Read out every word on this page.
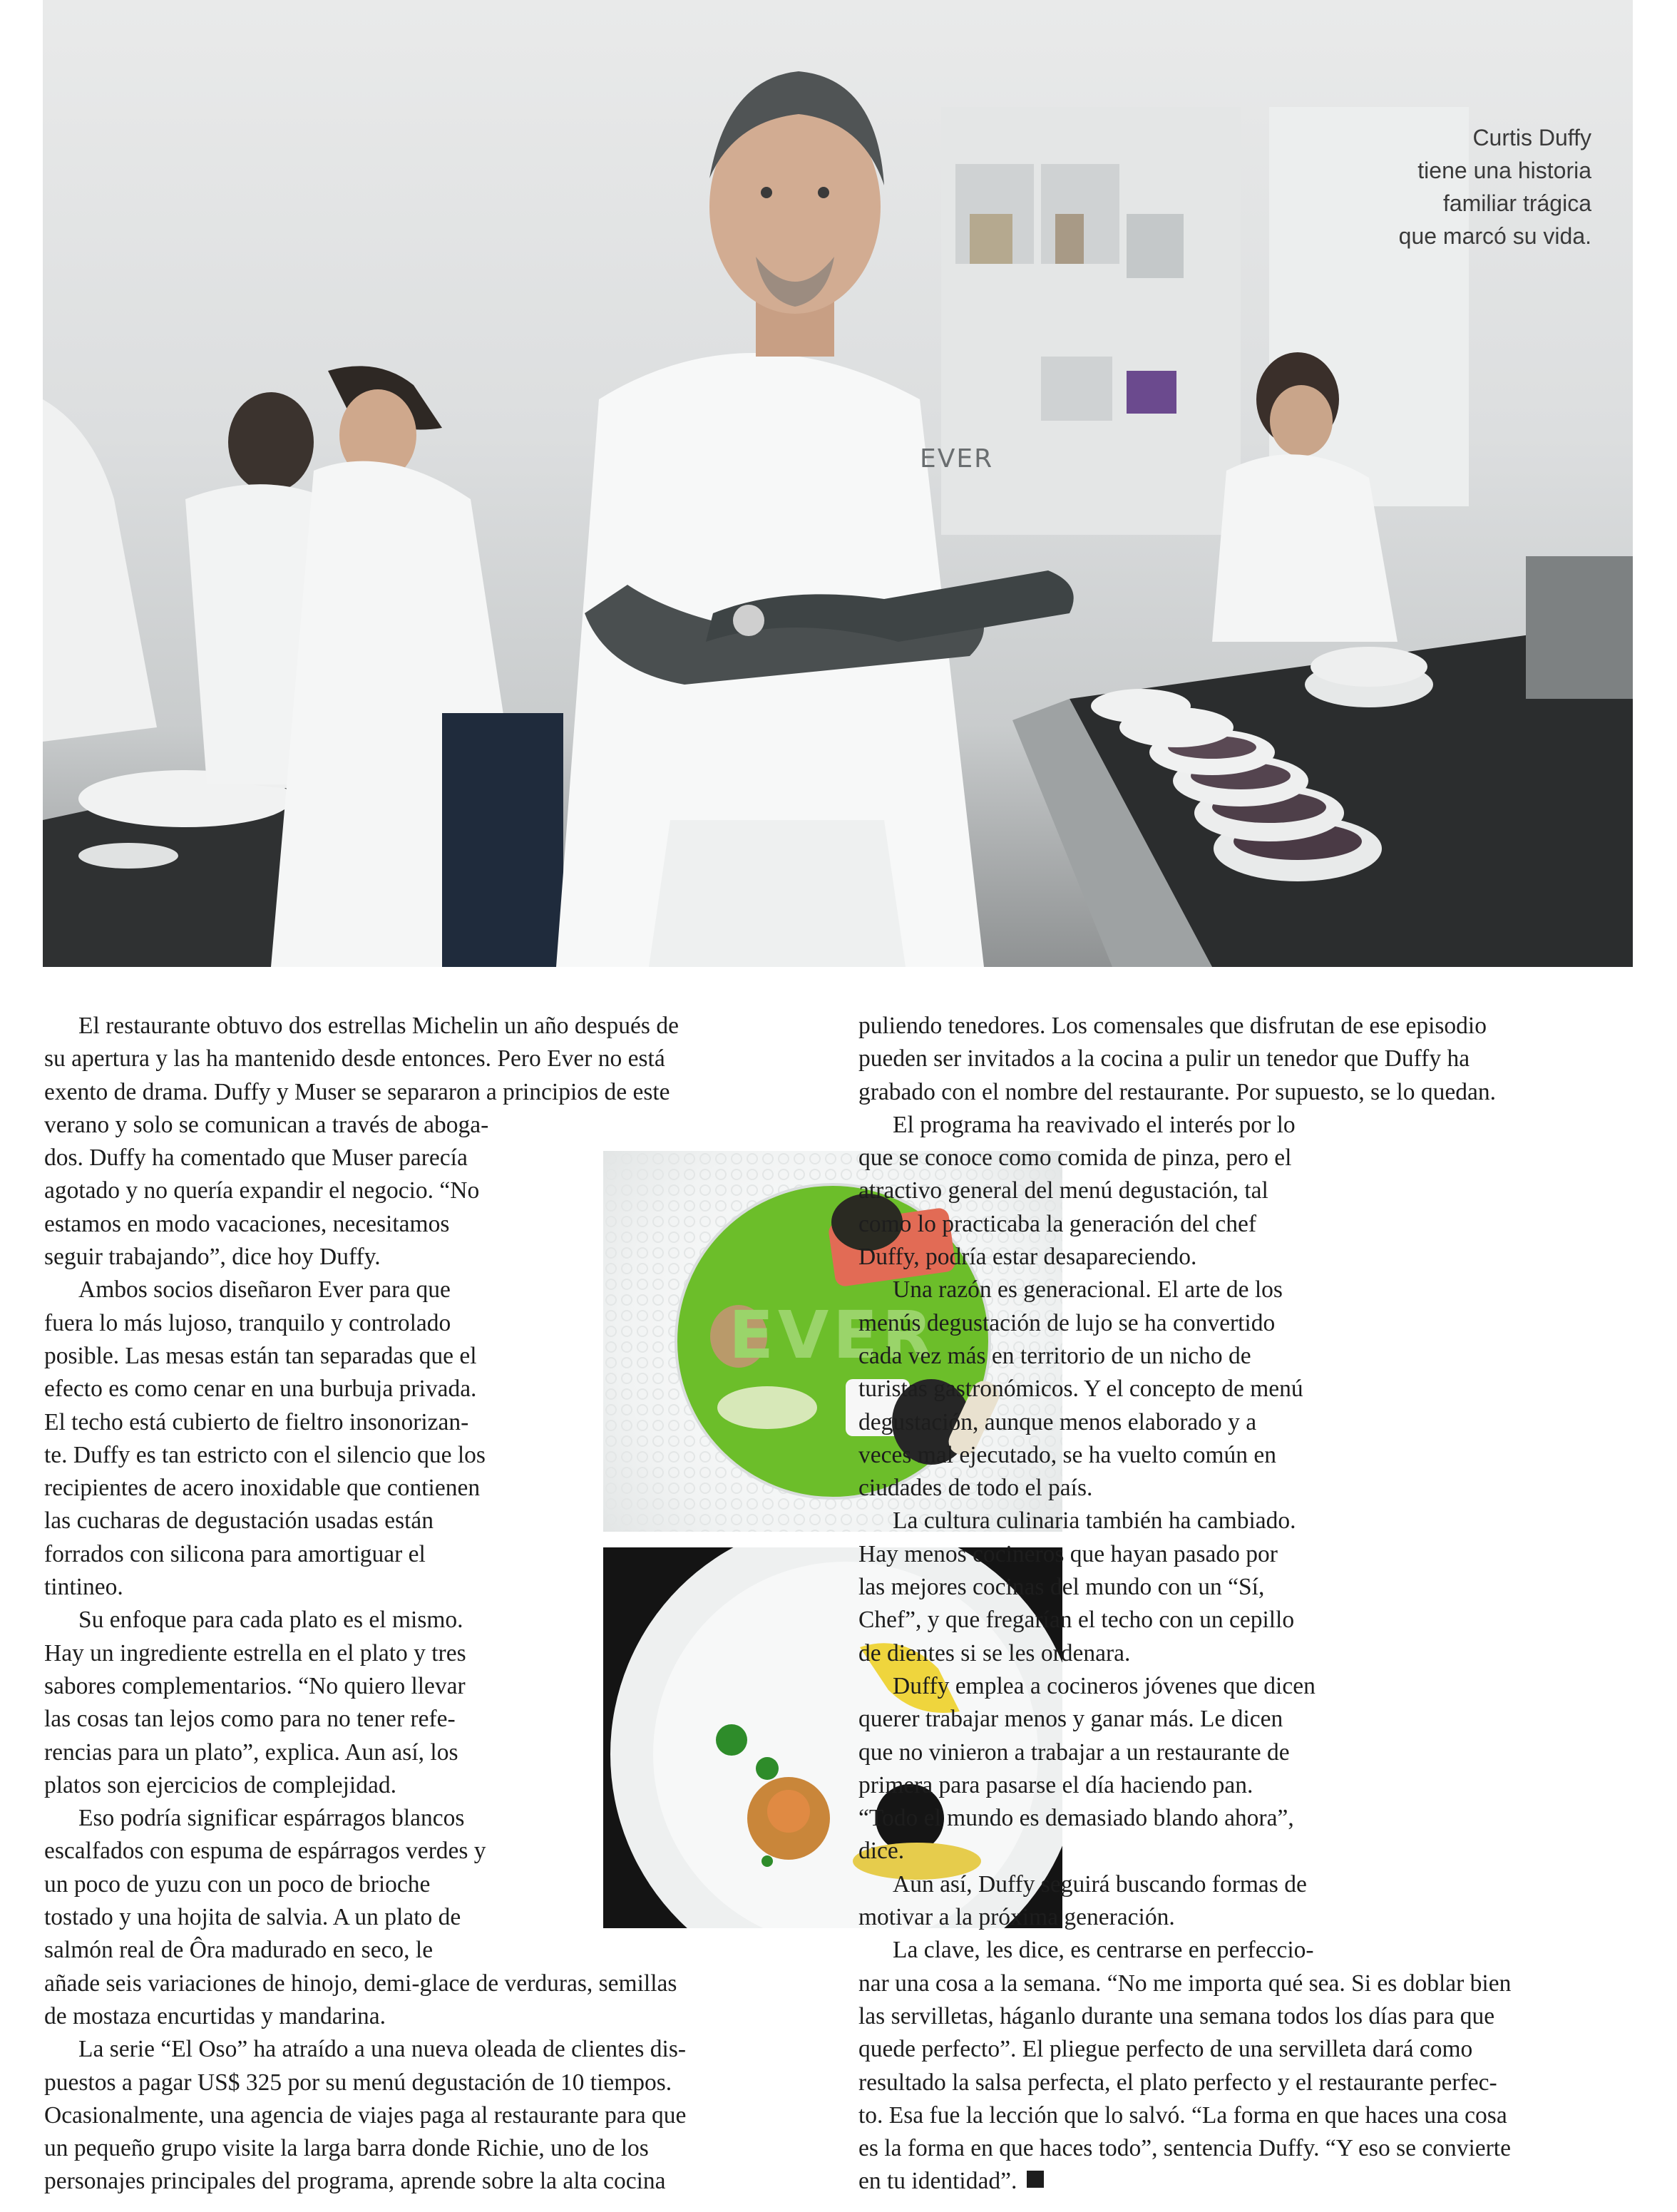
EVER
Curtis Duffy
tiene una historia
familiar trágica
que marcó su vida.
EVER

El restaurante obtuvo dos estrellas Michelin un año después de

su apertura y las ha mantenido desde entonces. Pero Ever no está

exento de drama. Duffy y Muser se separaron a principios de este

verano y solo se comunican a través de aboga-

dos. Duffy ha comentado que Muser parecía

agotado y no quería expandir el negocio. “No

estamos en modo vacaciones, necesitamos

seguir trabajando”, dice hoy Duffy.

Ambos socios diseñaron Ever para que

fuera lo más lujoso, tranquilo y controlado

posible. Las mesas están tan separadas que el

efecto es como cenar en una burbuja privada.

El techo está cubierto de fieltro insonorizan-

te. Duffy es tan estricto con el silencio que los

recipientes de acero inoxidable que contienen

las cucharas de degustación usadas están

forrados con silicona para amortiguar el

tintineo.

Su enfoque para cada plato es el mismo.

Hay un ingrediente estrella en el plato y tres

sabores complementarios. “No quiero llevar

las cosas tan lejos como para no tener refe-

rencias para un plato”, explica. Aun así, los

platos son ejercicios de complejidad.

Eso podría significar espárragos blancos

escalfados con espuma de espárragos verdes y

un poco de yuzu con un poco de brioche

tostado y una hojita de salvia. A un plato de

salmón real de Ôra madurado en seco, le

añade seis variaciones de hinojo, demi-glace de verduras, semillas

de mostaza encurtidas y mandarina.

La serie “El Oso” ha atraído a una nueva oleada de clientes dis-

puestos a pagar US$ 325 por su menú degustación de 10 tiempos.

Ocasionalmente, una agencia de viajes paga al restaurante para que

un pequeño grupo visite la larga barra donde Richie, uno de los

personajes principales del programa, aprende sobre la alta cocina

puliendo tenedores. Los comensales que disfrutan de ese episodio

pueden ser invitados a la cocina a pulir un tenedor que Duffy ha

grabado con el nombre del restaurante. Por supuesto, se lo quedan.

El programa ha reavivado el interés por lo

que se conoce como comida de pinza, pero el

atractivo general del menú degustación, tal

como lo practicaba la generación del chef

Duffy, podría estar desapareciendo.

Una razón es generacional. El arte de los

menús degustación de lujo se ha convertido

cada vez más en territorio de un nicho de

turistas gastronómicos. Y el concepto de menú

degustación, aunque menos elaborado y a

veces mal ejecutado, se ha vuelto común en

ciudades de todo el país.

La cultura culinaria también ha cambiado.

Hay menos cocineros que hayan pasado por

las mejores cocinas del mundo con un “Sí,

Chef”, y que fregarían el techo con un cepillo

de dientes si se les ordenara.

Duffy emplea a cocineros jóvenes que dicen

querer trabajar menos y ganar más. Le dicen

que no vinieron a trabajar a un restaurante de

primera para pasarse el día haciendo pan.

“Todo el mundo es demasiado blando ahora”,

dice.

Aun así, Duffy seguirá buscando formas de

motivar a la próxima generación.

La clave, les dice, es centrarse en perfeccio-

nar una cosa a la semana. “No me importa qué sea. Si es doblar bien

las servilletas, háganlo durante una semana todos los días para que

quede perfecto”. El pliegue perfecto de una servilleta dará como

resultado la salsa perfecta, el plato perfecto y el restaurante perfec-

to. Esa fue la lección que lo salvó. “La forma en que haces una cosa

es la forma en que haces todo”, sentencia Duffy. “Y eso se convierte

en tu identidad”.
